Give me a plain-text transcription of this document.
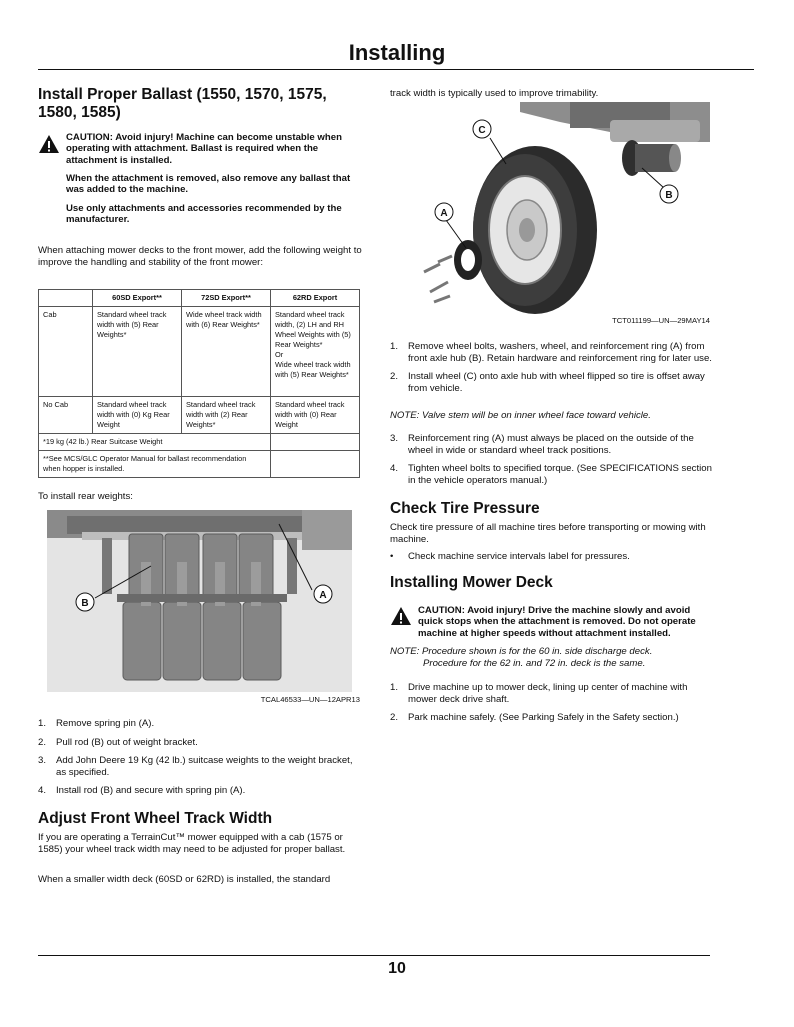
Installing
Install Proper Ballast (1550, 1570, 1575,
1580, 1585)
CAUTION: Avoid injury! Machine can become unstable when operating with attachment. Ballast is required when the attachment is installed.
When the attachment is removed, also remove any ballast that was added to the machine.
Use only attachments and accessories recommended by the manufacturer.
When attaching mower decks to the front mower, add the following weight to improve the handling and stability of the front mower:
	60SD Export**	72SD Export**	62RD Export
Cab	Standard wheel track width with (5) Rear Weights*	Wide wheel track width with (6) Rear Weights*	Standard wheel track width, (2) LH and RH Wheel Weights with (5) Rear Weights*
Or
Wide wheel track width with (5) Rear Weights*
No Cab	Standard wheel track width with (0) Kg Rear Weight	Standard wheel track width with (2) Rear Weights*	Standard wheel track width with (0) Rear Weight
*19 kg (42 lb.) Rear Suitcase Weight			
**See MCS/GLC Operator Manual for ballast recommendation when hopper is installed.			
To install rear weights:
B
A
TCAL46533—UN—12APR13
1. Remove spring pin (A).
2. Pull rod (B) out of weight bracket.
3. Add John Deere 19 Kg (42 lb.) suitcase weights to the weight bracket, as specified.
4. Install rod (B) and secure with spring pin (A).
Adjust Front Wheel Track Width
If you are operating a TerrainCut™ mower equipped with a cab (1575 or 1585) your wheel track width may need to be adjusted for proper ballast.
When a smaller width deck (60SD or 62RD) is installed, the standard
track width is typically used to improve trimability.
A
C
B
TCT011199—UN—29MAY14
1. Remove wheel bolts, washers, wheel, and reinforcement ring (A) from front axle hub (B). Retain hardware and reinforcement ring for later use.
2. Install wheel (C) onto axle hub with wheel flipped so tire is offset away from vehicle.
NOTE: Valve stem will be on inner wheel face toward vehicle.
3. Reinforcement ring (A) must always be placed on the outside of the wheel in wide or standard wheel track positions.
4. Tighten wheel bolts to specified torque. (See SPECIFICATIONS section in the vehicle operators manual.)
Check Tire Pressure
Check tire pressure of all machine tires before transporting or mowing with machine.
• Check machine service intervals label for pressures.
Installing Mower Deck
CAUTION: Avoid injury! Drive the machine slowly and avoid quick stops when the attachment is removed. Do not operate machine at higher speeds without attachment installed.
NOTE: Procedure shown is for the 60 in. side discharge deck.
Procedure for the 62 in. and 72 in. deck is the same.
1. Drive machine up to mower deck, lining up center of machine with mower deck drive shaft.
2. Park machine safely. (See Parking Safely in the Safety section.)
10
